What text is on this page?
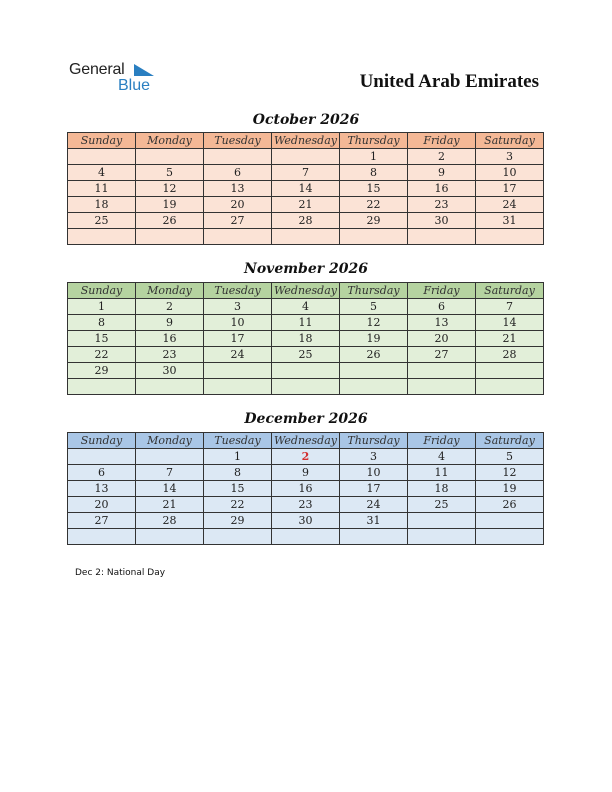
General
Blue	United Arab Emirates
October 2026
Sunday	Monday	Tuesday	Wednesday	Thursday	Friday	Saturday
				1	2	3
4	5	6	7	8	9	10
11	12	13	14	15	16	17
18	19	20	21	22	23	24
25	26	27	28	29	30	31

November 2026
Sunday	Monday	Tuesday	Wednesday	Thursday	Friday	Saturday
1	2	3	4	5	6	7
8	9	10	11	12	13	14
15	16	17	18	19	20	21
22	23	24	25	26	27	28
29	30					

December 2026
Sunday	Monday	Tuesday	Wednesday	Thursday	Friday	Saturday
		1	2	3	4	5
6	7	8	9	10	11	12
13	14	15	16	17	18	19
20	21	22	23	24	25	26
27	28	29	30	31		

Dec 2: National Day
